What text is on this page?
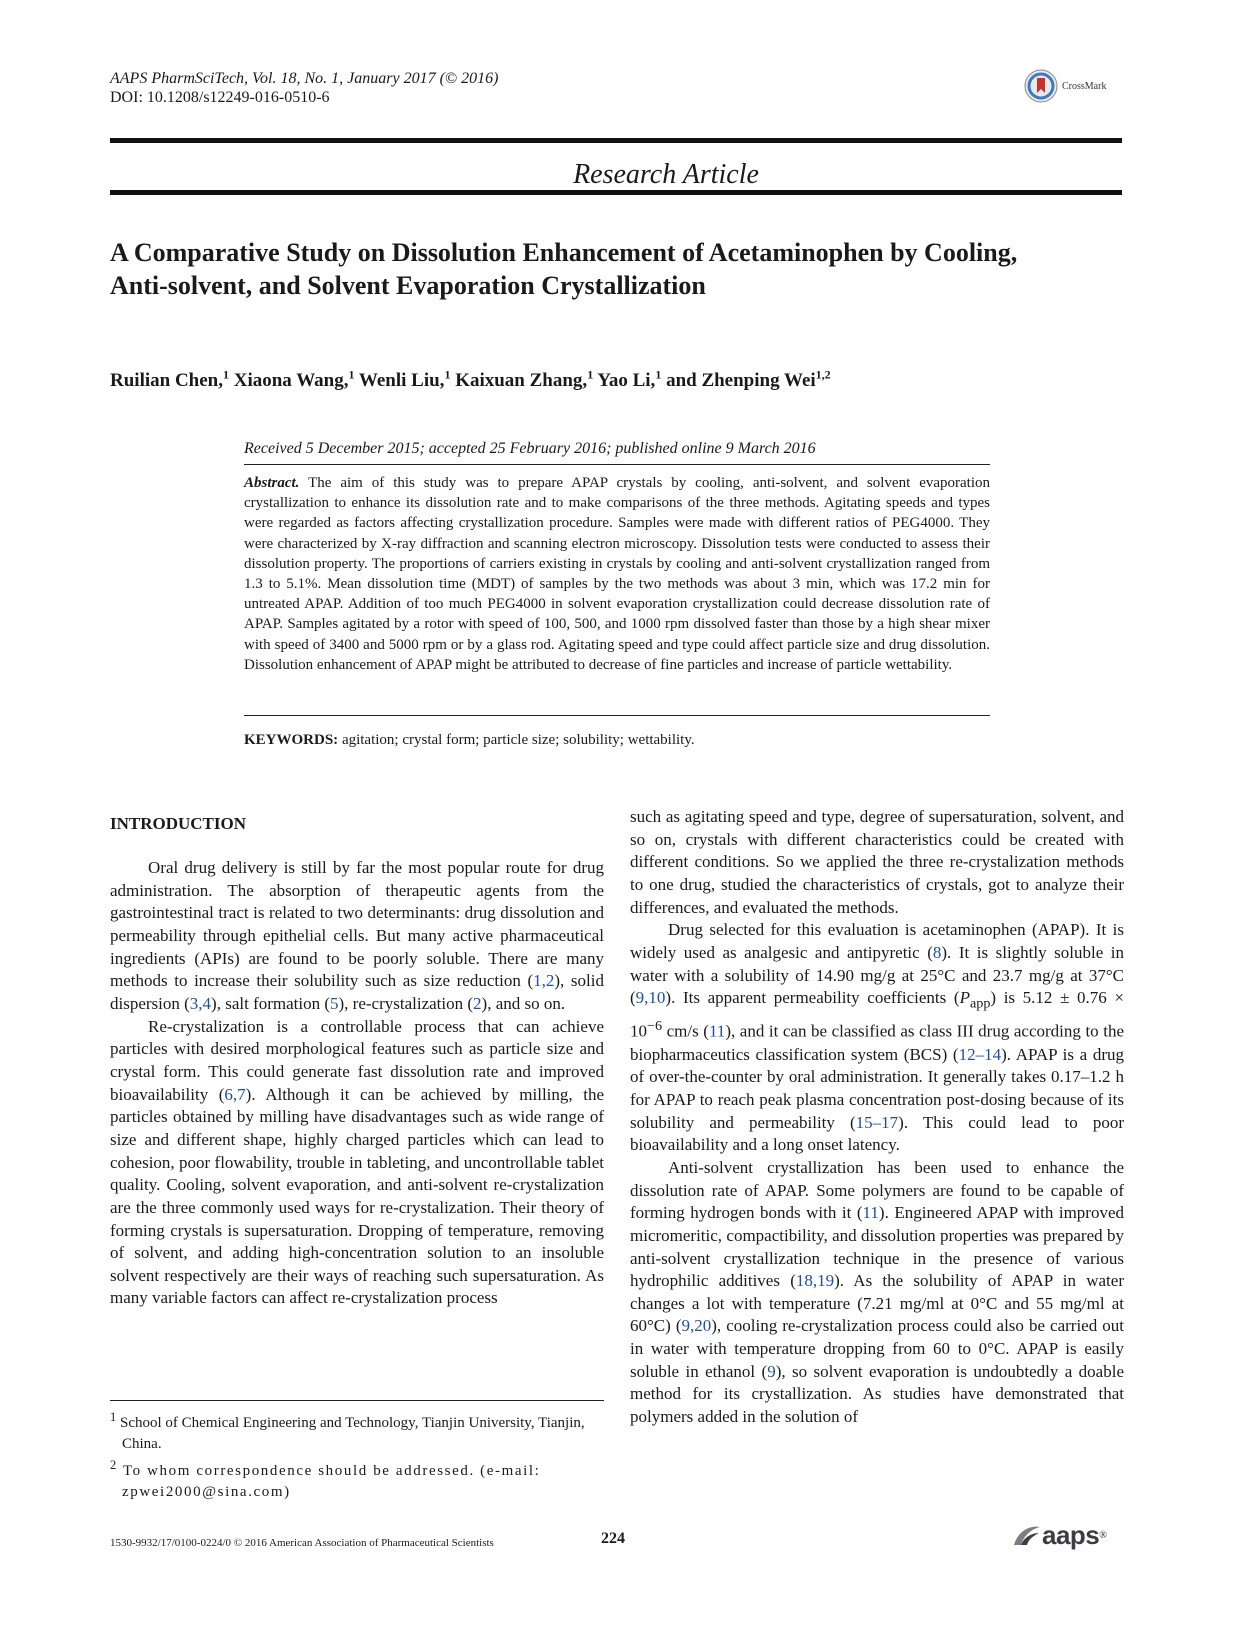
AAPS PharmSciTech, Vol. 18, No. 1, January 2017 (© 2016)
DOI: 10.1208/s12249-016-0510-6
CrossMark
Research Article
A Comparative Study on Dissolution Enhancement of Acetaminophen by Cooling, Anti-solvent, and Solvent Evaporation Crystallization
Ruilian Chen,$^1$ Xiaona Wang,$^1$ Wenli Liu,$^1$ Kaixuan Zhang,$^1$ Yao Li,$^1$ and Zhenping Wei$^{1,2}$
Received 5 December 2015; accepted 25 February 2016; published online 9 March 2016
Abstract. The aim of this study was to prepare APAP crystals by cooling, anti-solvent, and solvent evaporation crystallization to enhance its dissolution rate and to make comparisons of the three methods. Agitating speeds and types were regarded as factors affecting crystallization procedure. Samples were made with different ratios of PEG4000. They were characterized by X-ray diffraction and scanning electron microscopy. Dissolution tests were conducted to assess their dissolution property. The proportions of carriers existing in crystals by cooling and anti-solvent crystallization ranged from 1.3 to 5.1%. Mean dissolution time (MDT) of samples by the two methods was about 3 min, which was 17.2 min for untreated APAP. Addition of too much PEG4000 in solvent evaporation crystallization could decrease dissolution rate of APAP. Samples agitated by a rotor with speed of 100, 500, and 1000 rpm dissolved faster than those by a high shear mixer with speed of 3400 and 5000 rpm or by a glass rod. Agitating speed and type could affect particle size and drug dissolution. Dissolution enhancement of APAP might be attributed to decrease of fine particles and increase of particle wettability.
KEYWORDS: agitation; crystal form; particle size; solubility; wettability.
INTRODUCTION

Oral drug delivery is still by far the most popular route for drug administration. The absorption of therapeutic agents from the gastrointestinal tract is related to two determinants: drug dissolution and permeability through epithelial cells. But many active pharmaceutical ingredients (APIs) are found to be poorly soluble. There are many methods to increase their solubility such as size reduction (1,2), solid dispersion (3,4), salt formation (5), re-crystalization (2), and so on.

Re-crystalization is a controllable process that can achieve particles with desired morphological features such as particle size and crystal form. This could generate fast dissolution rate and improved bioavailability (6,7). Although it can be achieved by milling, the particles obtained by milling have disadvantages such as wide range of size and different shape, highly charged particles which can lead to cohesion, poor flowability, trouble in tableting, and uncontrollable tablet quality. Cooling, solvent evaporation, and anti-solvent re-crystalization are the three commonly used ways for re-crystalization. Their theory of forming crystals is supersaturation. Dropping of temperature, removing of solvent, and adding high-concentration solution to an insoluble solvent respectively are their ways of reaching such supersaturation. As many variable factors can affect re-crystalization process

such as agitating speed and type, degree of supersaturation, solvent, and so on, crystals with different characteristics could be created with different conditions. So we applied the three re-crystalization methods to one drug, studied the characteristics of crystals, got to analyze their differences, and evaluated the methods.

Drug selected for this evaluation is acetaminophen (APAP). It is widely used as analgesic and antipyretic (8). It is slightly soluble in water with a solubility of 14.90 mg/g at 25°C and 23.7 mg/g at 37°C (9,10). Its apparent permeability coefficients $(P_{app})$ is $5.12 \pm 0.76 \times 10^{-6}$ cm/s (11), and it can be classified as class III drug according to the biopharmaceutics classification system (BCS) (12–14). APAP is a drug of over-the-counter by oral administration. It generally takes 0.17–1.2 h for APAP to reach peak plasma concentration post-dosing because of its solubility and permeability (15–17). This could lead to poor bioavailability and a long onset latency.

Anti-solvent crystallization has been used to enhance the dissolution rate of APAP. Some polymers are found to be capable of forming hydrogen bonds with it (11). Engineered APAP with improved micromeritic, compactibility, and dissolution properties was prepared by anti-solvent crystallization technique in the presence of various hydrophilic additives (18,19). As the solubility of APAP in water changes a lot with temperature (7.21 mg/ml at 0°C and 55 mg/ml at 60°C) (9,20), cooling re-crystalization process could also be carried out in water with temperature dropping from 60 to 0°C. APAP is easily soluble in ethanol (9), so solvent evaporation is undoubtedly a doable method for its crystallization. As studies have demonstrated that polymers added in the solution of

$^1$ School of Chemical Engineering and Technology, Tianjin University, Tianjin, China.
$^2$ To whom correspondence should be addressed. (e-mail: zpwei2000@sina.com)
1530-9932/17/0100-0224/0 © 2016 American Association of Pharmaceutical Scientists	224	aaps ®
